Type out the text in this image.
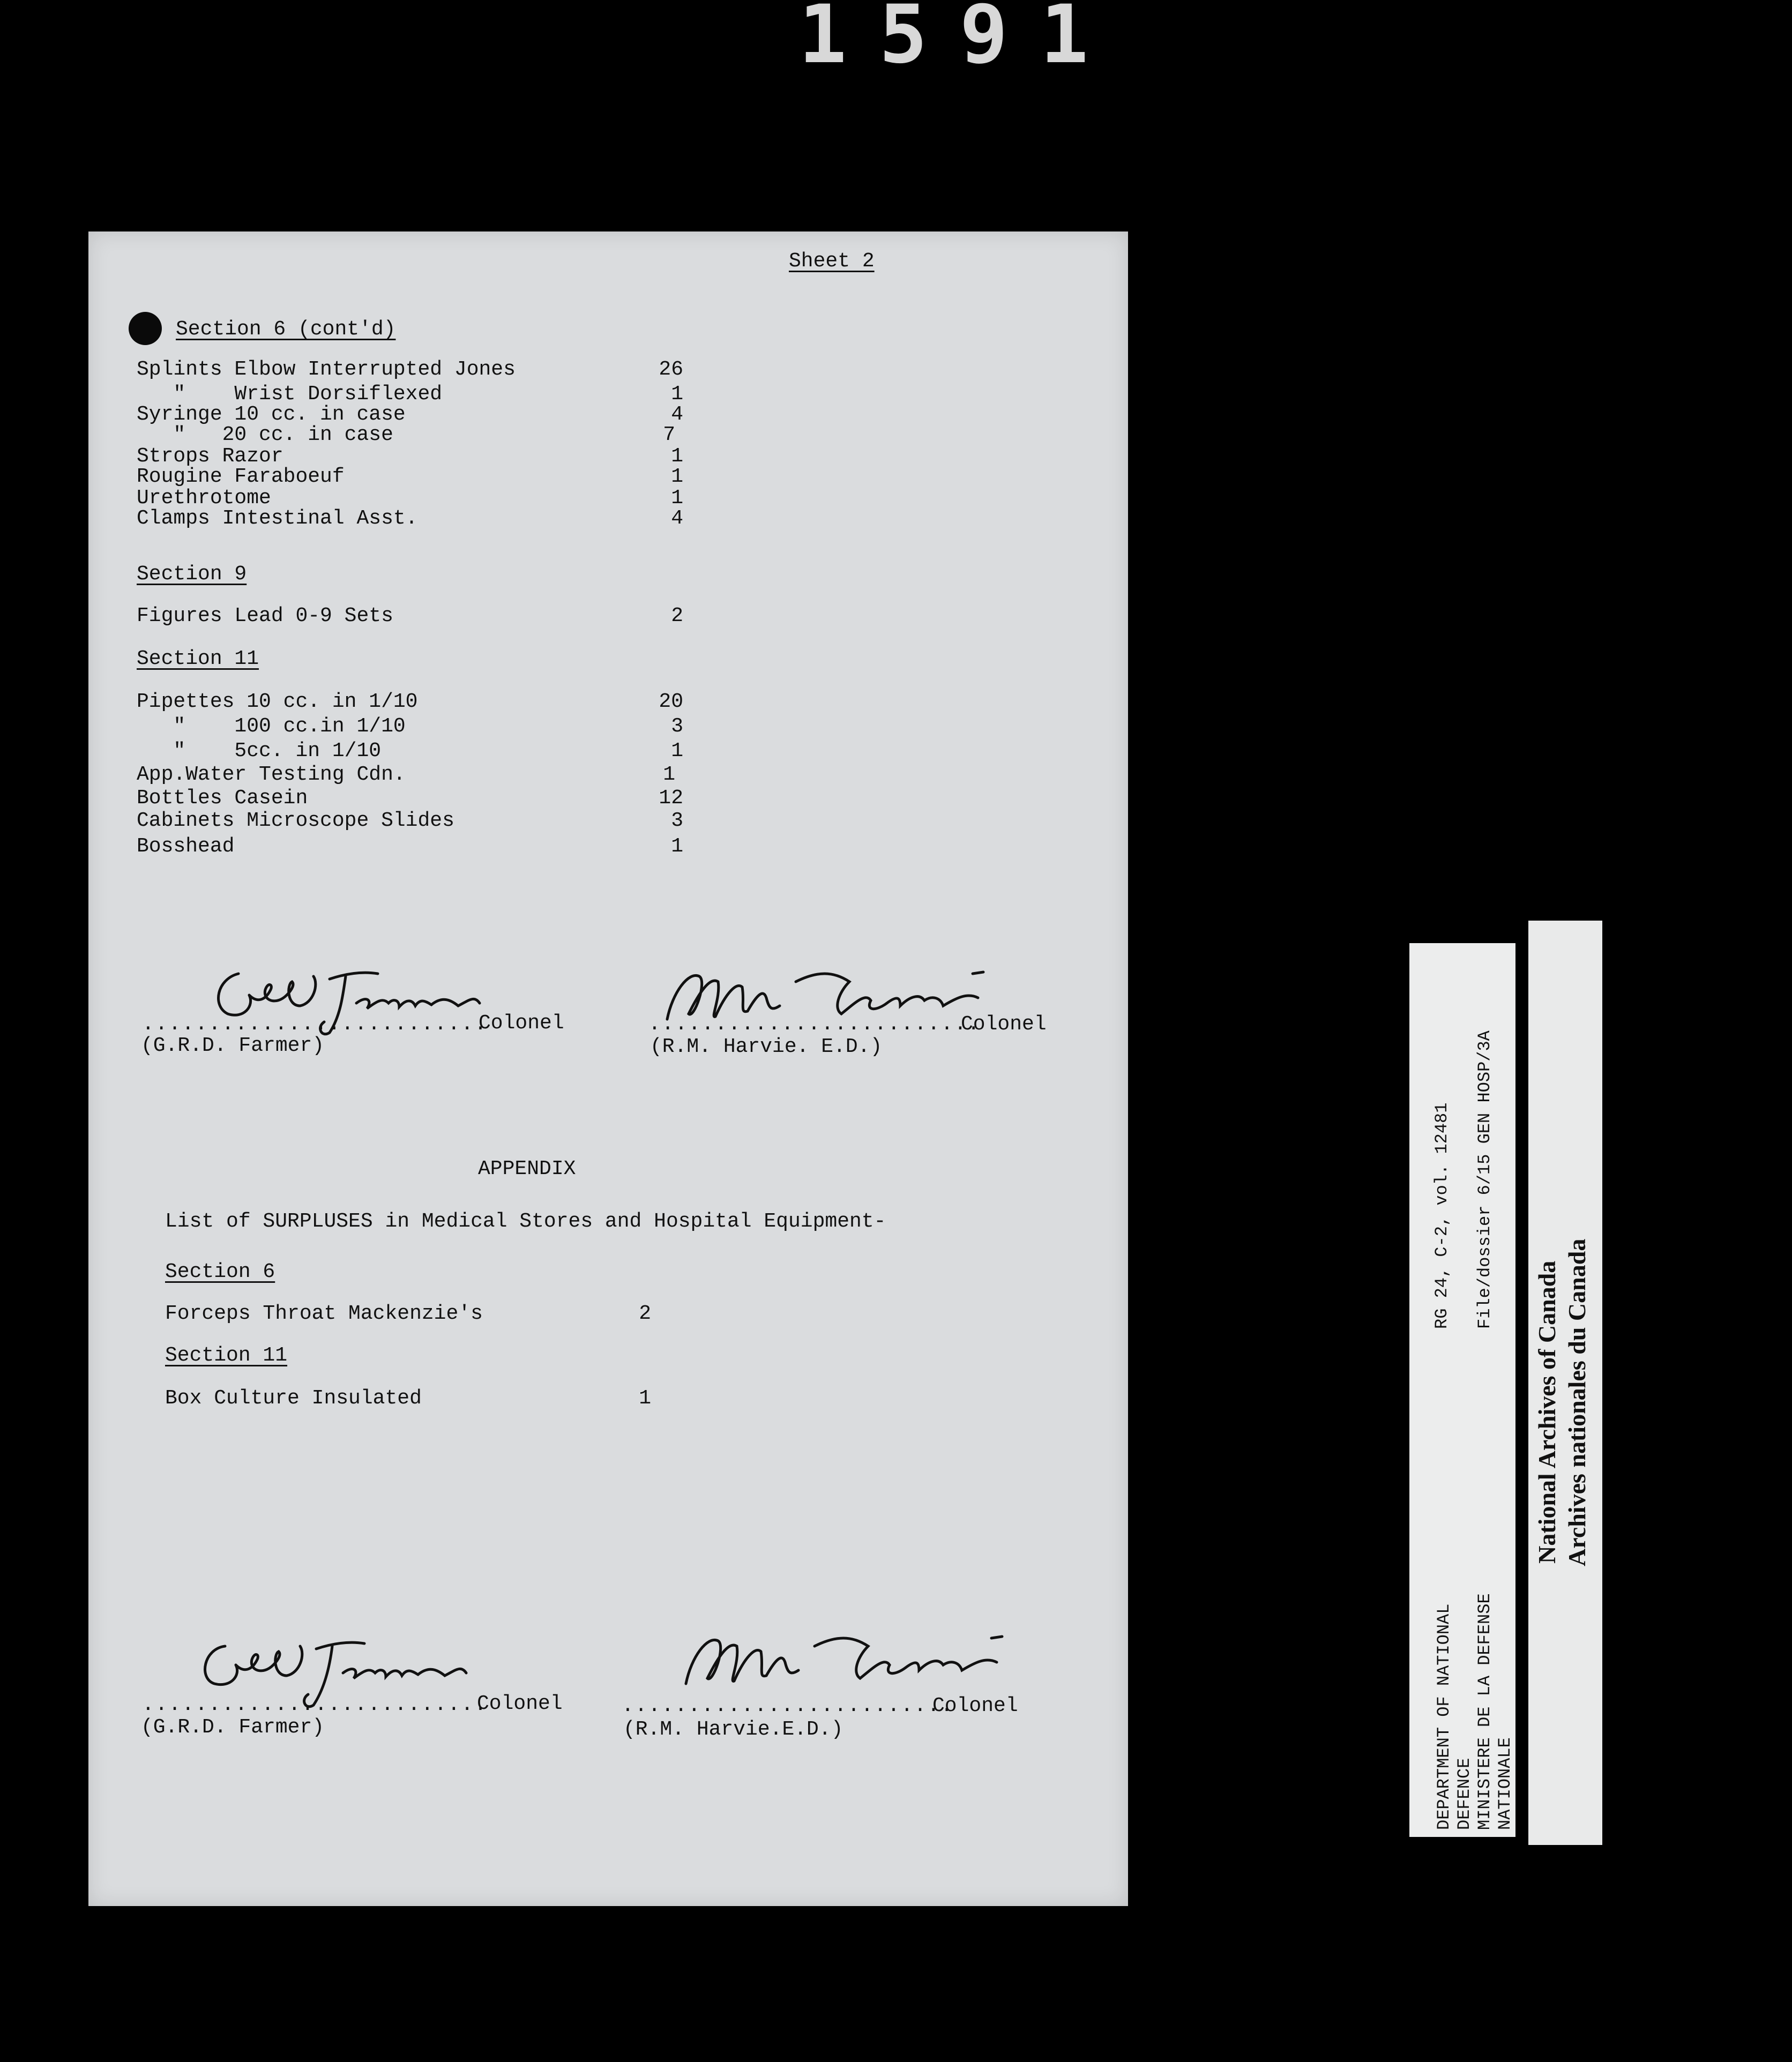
1591
Sheet 2
Section 6 (cont'd)
Splints Elbow Interrupted Jones	26
"    Wrist Dorsiflexed	1
Syringe 10 cc. in case	4
"   20 cc. in case	7
Strops Razor	1
Rougine Faraboeuf	1
Urethrotome	1
Clamps Intestinal Asst.	4
Section 9
Figures Lead 0-9 Sets	2
Section 11
Pipettes 10 cc. in 1/10	20
"    100 cc.in 1/10	3
"    5cc. in 1/10	1
App.Water Testing Cdn.	1
Bottles Casein	12
Cabinets Microscope Slides	3
Bosshead	1
..........................
Colonel
(G.R.D. Farmer)
.........................
Colonel
(R.M. Harvie. E.D.)
APPENDIX
List of SURPLUSES in Medical Stores and Hospital Equipment-
Section 6
Forceps Throat Mackenzie's	2
Section 11
Box Culture Insulated	1
..........................
Colonel
(G.R.D. Farmer)
.........................
Colonel
(R.M. Harvie.E.D.)	DEPARTMENT OF NATIONAL DEFENCE MINISTERE DE LA DEFENSE NATIONALE
RG 24, C-2, vol. 12481 File/dossier 6/15 GEN HOSP/3A
National Archives of Canada Archives nationales du Canada
